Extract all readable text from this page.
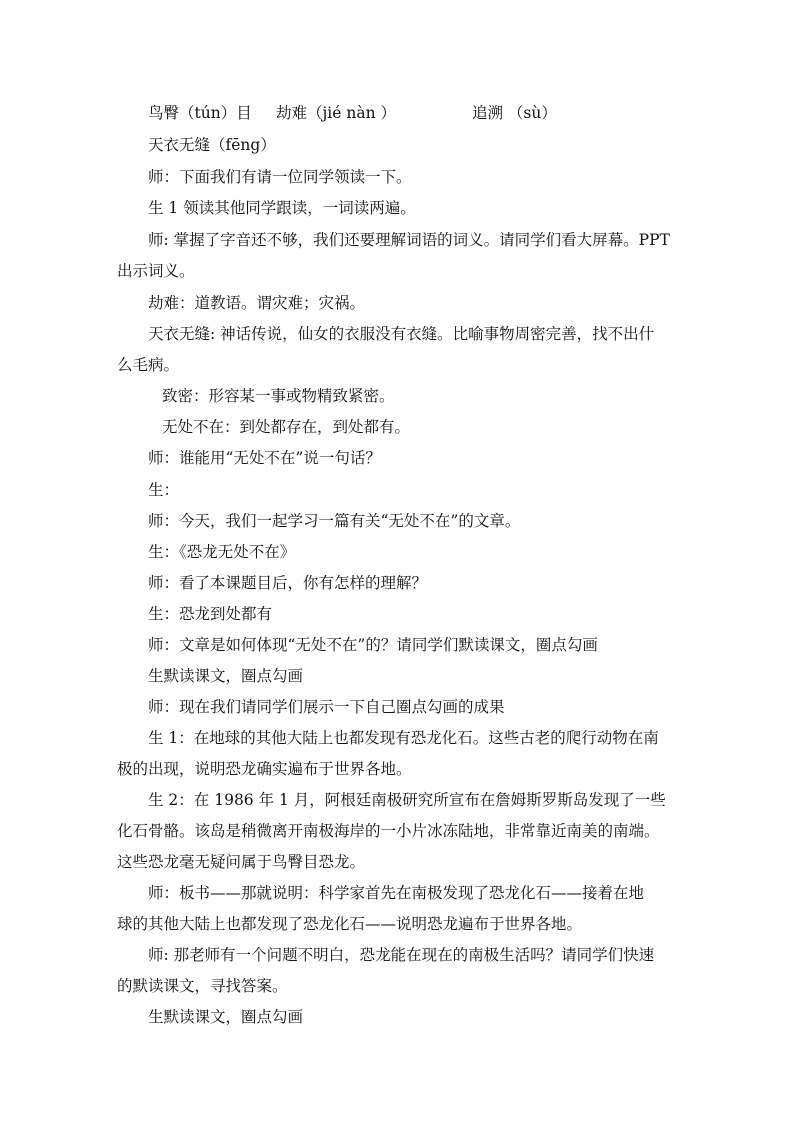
鸟臀（tún）目 劫难（jié nàn ）	追溯 （sù）
天衣无缝（fēng）
师：下面我们有请一位同学领读一下。
生 1 领读其他同学跟读，一词读两遍。
师: 掌握了字音还不够，我们还要理解词语的词义。请同学们看大屏幕。PPT
出示词义。
劫难：道教语。谓灾难；灾祸。
天衣无缝: 神话传说，仙女的衣服没有衣缝。比喻事物周密完善，找不出什
么毛病。
致密：形容某一事或物精致紧密。
无处不在：到处都存在，到处都有。
师：谁能用“无处不在”说一句话？
生：
师：今天，我们一起学习一篇有关“无处不在”的文章。
生：《恐龙无处不在》
师：看了本课题目后，你有怎样的理解？
生：恐龙到处都有
师：文章是如何体现“无处不在”的？请同学们默读课文，圈点勾画
生默读课文，圈点勾画
师：现在我们请同学们展示一下自己圈点勾画的成果
生 1：在地球的其他大陆上也都发现有恐龙化石。这些古老的爬行动物在南
极的出现，说明恐龙确实遍布于世界各地。
生 2：在 1986 年 1 月，阿根廷南极研究所宣布在詹姆斯罗斯岛发现了一些
化石骨骼。该岛是稍微离开南极海岸的一小片冰冻陆地，非常靠近南美的南端。
这些恐龙毫无疑问属于鸟臀目恐龙。
师：板书——那就说明：科学家首先在南极发现了恐龙化石——接着在地
球的其他大陆上也都发现了恐龙化石——说明恐龙遍布于世界各地。
师: 那老师有一个问题不明白，恐龙能在现在的南极生活吗？请同学们快速
的默读课文，寻找答案。
生默读课文，圈点勾画
